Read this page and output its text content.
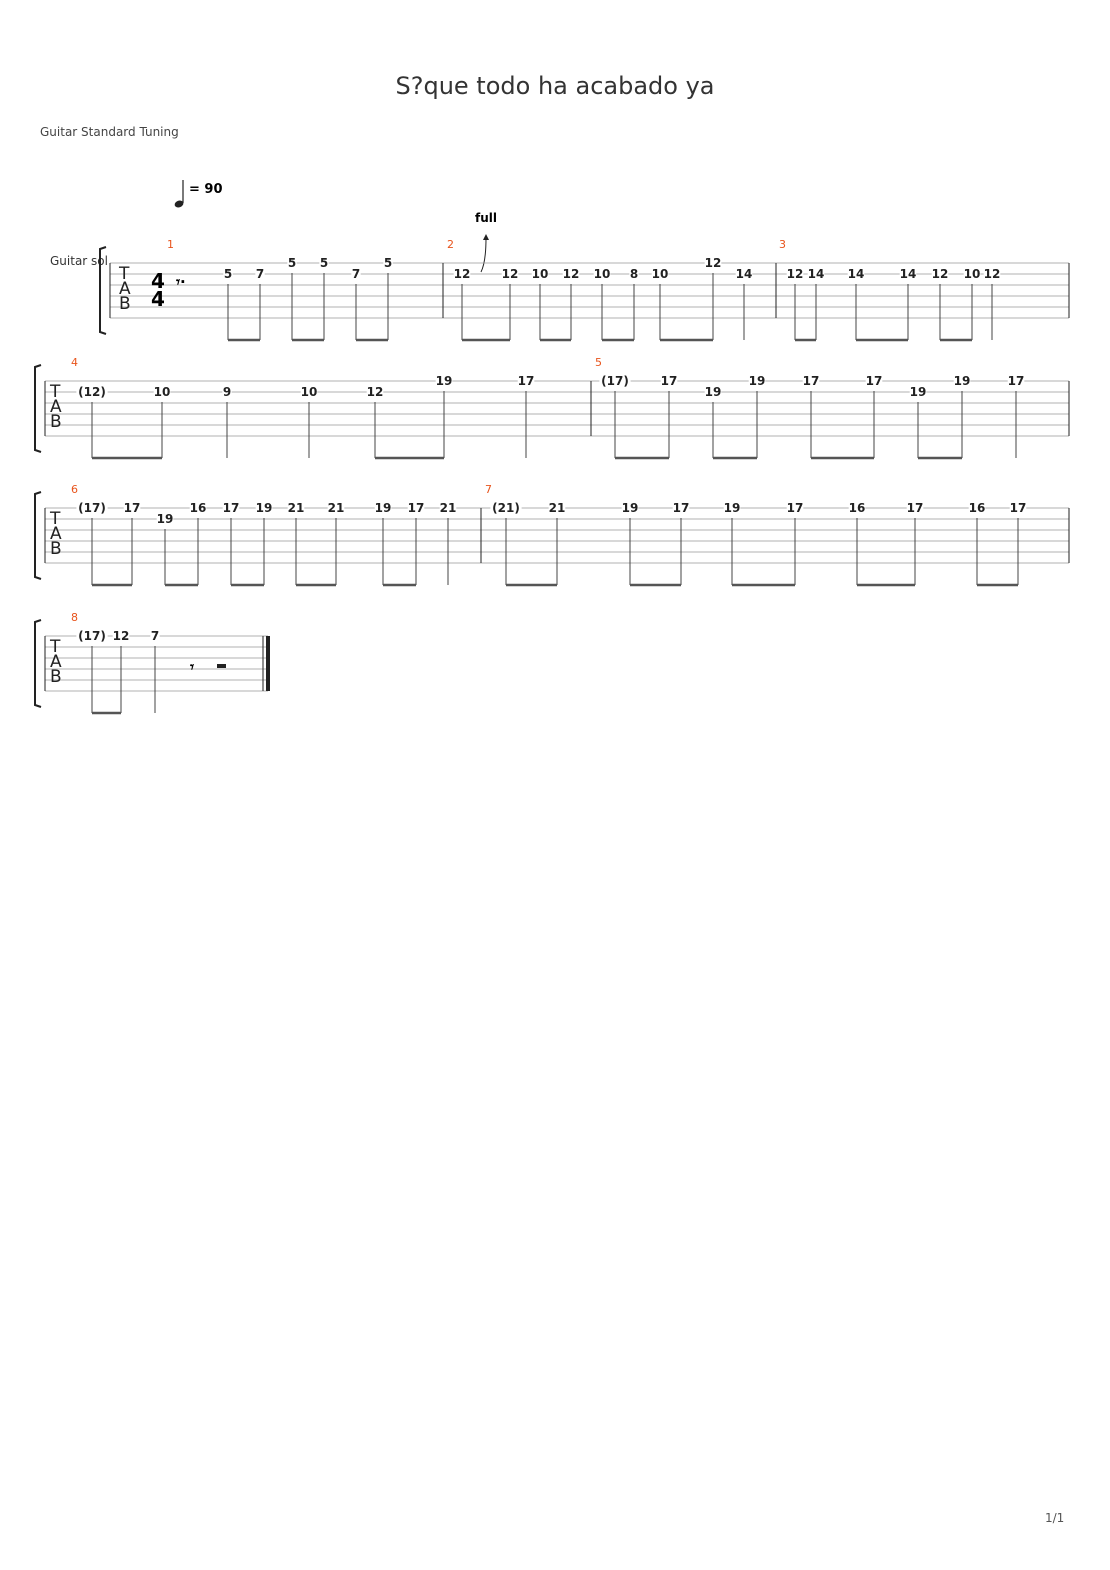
S?que todo ha acabado ya
Guitar Standard Tuning
1/1
= 90
Guitar sol
full
T
A
B
4
4
𝄾·
1
5 7
5 5
7
5
2
12	12 10 12 10 8 10
12
14
3
12 14 14	14 12 10 12
T
A
B
4
(12)	10	9	10	12
19	17
5
(17)	17
19
19	17	17
19
19	17
T
A
B
6
(17) 17
19
16 17 19 21 21	19 17 21
7
(21) 21	19	17	19	17	16	17	16 17
T
A
B
8
(17) 12 7
𝄾
